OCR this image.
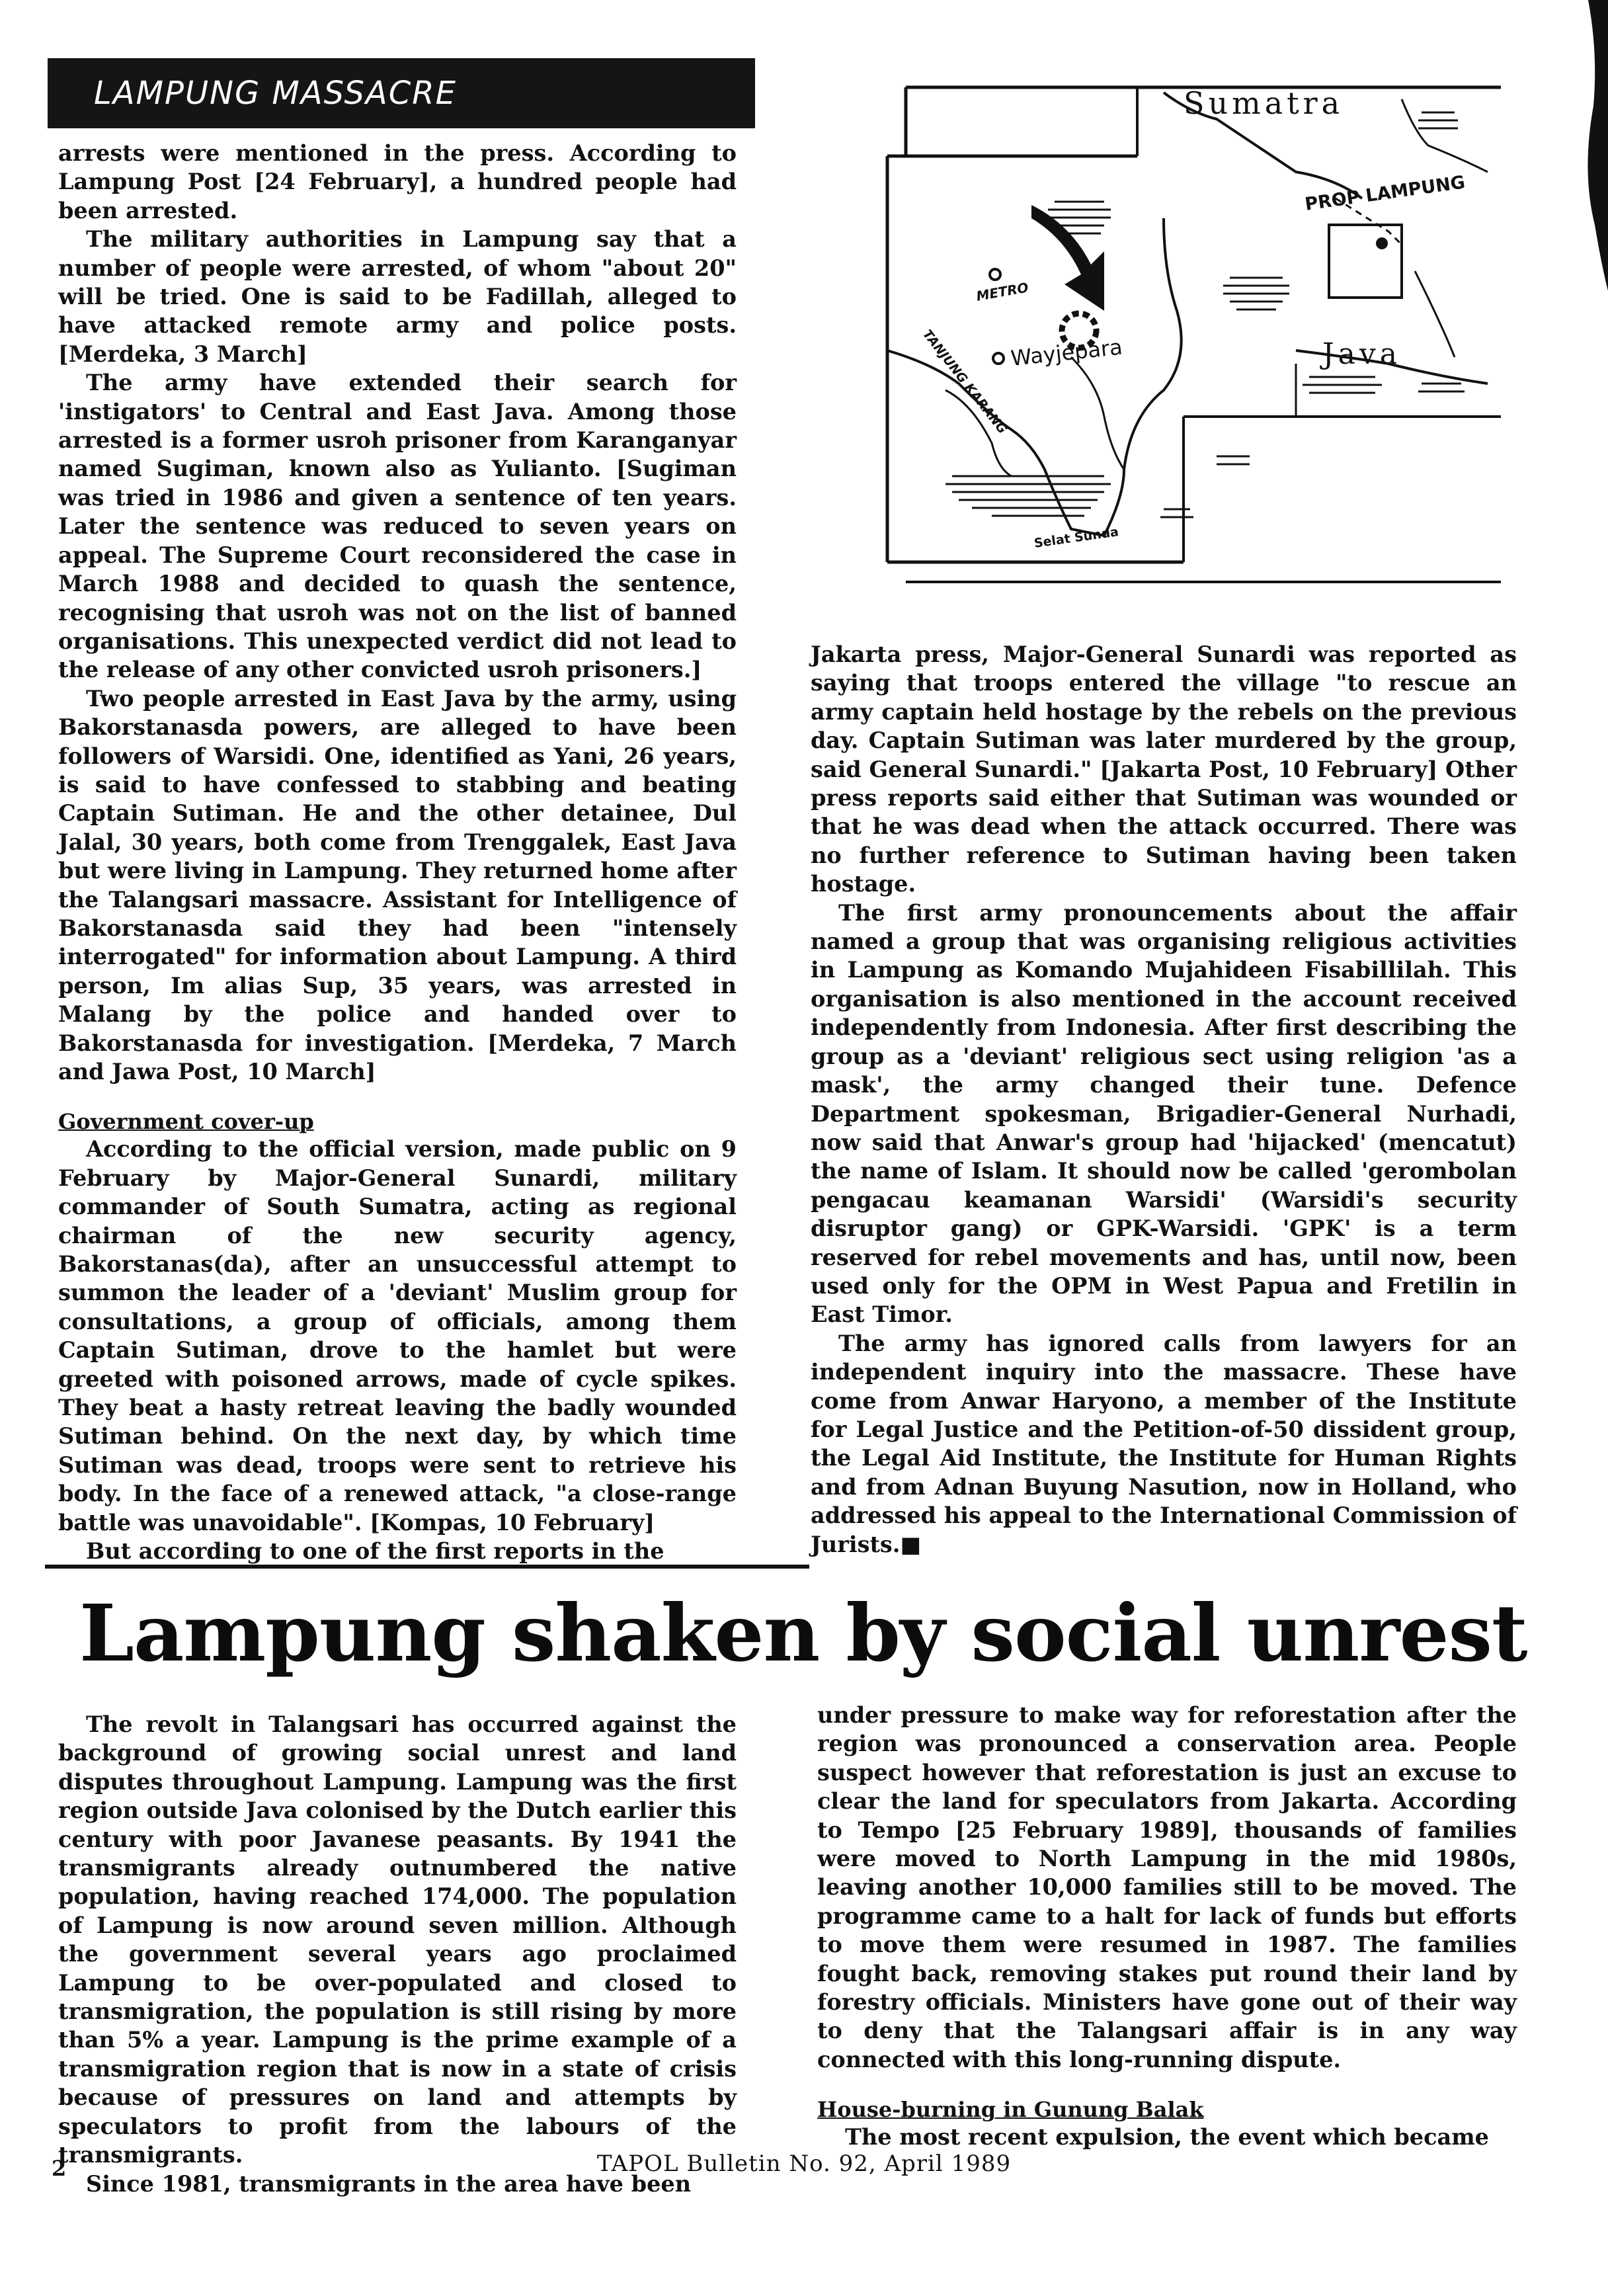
LAMPUNG MASSACRE	Sumatra
PROP LAMPUNG
Java
METRO
Wayjepara
TANJUNG KARANG
Selat Sunda

arrests were mentioned in the press. According to Lampung Post [24 February], a hundred people had been arrested.

The military authorities in Lampung say that a number of people were arrested, of whom "about 20" will be tried. One is said to be Fadillah, alleged to have attacked remote army and police posts. [Merdeka, 3 March]

The army have extended their search for 'instigators' to Central and East Java. Among those arrested is a former usroh prisoner from Karanganyar named Sugiman, known also as Yulianto. [Sugiman was tried in 1986 and given a sentence of ten years. Later the sentence was reduced to seven years on appeal. The Supreme Court reconsidered the case in March 1988 and decided to quash the sentence, recognising that usroh was not on the list of banned organisations. This unexpected verdict did not lead to the release of any other convicted usroh prisoners.]

Two people arrested in East Java by the army, using Bakorstanasda powers, are alleged to have been followers of Warsidi. One, identified as Yani, 26 years, is said to have confessed to stabbing and beating Captain Sutiman. He and the other detainee, Dul Jalal, 30 years, both come from Trenggalek, East Java but were living in Lampung. They returned home after the Talangsari massacre. Assistant for Intelligence of Bakorstanasda said they had been "intensely interrogated" for information about Lampung. A third person, Im alias Sup, 35 years, was arrested in Malang by the police and handed over to Bakorstanasda for investigation. [Merdeka, 7 March and Jawa Post, 10 March]

Government cover-up

According to the official version, made public on 9 February by Major-General Sunardi, military commander of South Sumatra, acting as regional chairman of the new security agency, Bakorstanas(da), after an unsuccessful attempt to summon the leader of a 'deviant' Muslim group for consultations, a group of officials, among them Captain Sutiman, drove to the hamlet but were greeted with poisoned arrows, made of cycle spikes. They beat a hasty retreat leaving the badly wounded Sutiman behind. On the next day, by which time Sutiman was dead, troops were sent to retrieve his body. In the face of a renewed attack, "a close-range battle was unavoidable". [Kompas, 10 February]

But according to one of the first reports in the

Jakarta press, Major-General Sunardi was reported as saying that troops entered the village "to rescue an army captain held hostage by the rebels on the previous day. Captain Sutiman was later murdered by the group, said General Sunardi." [Jakarta Post, 10 February] Other press reports said either that Sutiman was wounded or that he was dead when the attack occurred. There was no further reference to Sutiman having been taken hostage.

The first army pronouncements about the affair named a group that was organising religious activities in Lampung as Komando Mujahideen Fisabillilah. This organisation is also mentioned in the account received independently from Indonesia. After first describing the group as a 'deviant' religious sect using religion 'as a mask', the army changed their tune. Defence Department spokesman, Brigadier-General Nurhadi, now said that Anwar's group had 'hijacked' (mencatut) the name of Islam. It should now be called 'gerombolan pengacau keamanan Warsidi' (Warsidi's security disruptor gang) or GPK-Warsidi. 'GPK' is a term reserved for rebel movements and has, until now, been used only for the OPM in West Papua and Fretilin in East Timor.

The army has ignored calls from lawyers for an independent inquiry into the massacre. These have come from Anwar Haryono, a member of the Institute for Legal Justice and the Petition-of-50 dissident group, the Legal Aid Institute, the Institute for Human Rights and from Adnan Buyung Nasution, now in Holland, who addressed his appeal to the International Commission of Jurists.■

Lampung shaken by social unrest

The revolt in Talangsari has occurred against the background of growing social unrest and land disputes throughout Lampung. Lampung was the first region outside Java colonised by the Dutch earlier this century with poor Javanese peasants. By 1941 the transmigrants already outnumbered the native population, having reached 174,000. The population of Lampung is now around seven million. Although the government several years ago proclaimed Lampung to be over-populated and closed to transmigration, the population is still rising by more than 5% a year. Lampung is the prime example of a transmigration region that is now in a state of crisis because of pressures on land and attempts by speculators to profit from the labours of the transmigrants.

Since 1981, transmigrants in the area have been

under pressure to make way for reforestation after the region was pronounced a conservation area. People suspect however that reforestation is just an excuse to clear the land for speculators from Jakarta. According to Tempo [25 February 1989], thousands of families were moved to North Lampung in the mid 1980s, leaving another 10,000 families still to be moved. The programme came to a halt for lack of funds but efforts to move them were resumed in 1987. The families fought back, removing stakes put round their land by forestry officials. Ministers have gone out of their way to deny that the Talangsari affair is in any way connected with this long-running dispute.

House-burning in Gunung Balak

The most recent expulsion, the event which became

2	TAPOL Bulletin No. 92, April 1989
